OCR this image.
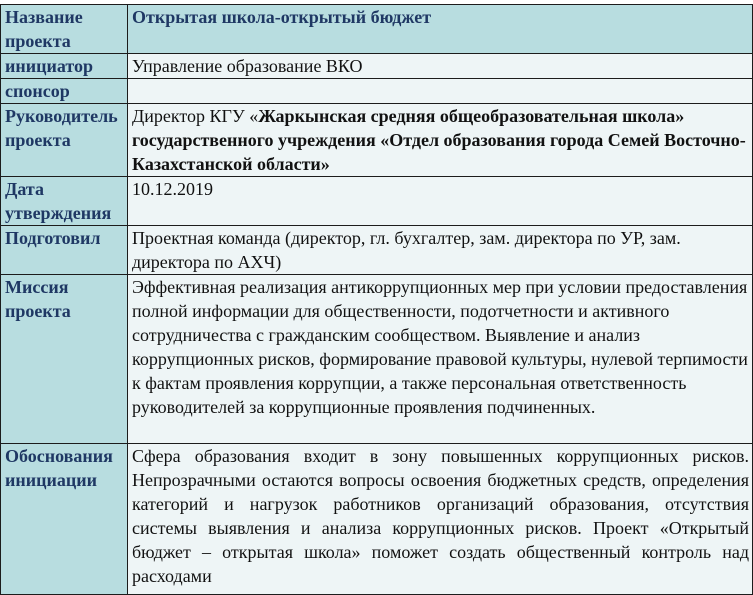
Название проекта	Открытая школа-открытый бюджет
инициатор	Управление образование ВКО
спонсор	
Руководитель проекта	Директор КГУ «Жаркынская средняя общеобразовательная школа» государственного учреждения «Отдел образования города Семей Восточно-Казахстанской области»
Дата утверждения	10.12.2019
Подготовил	Проектная команда (директор, гл. бухгалтер, зам. директора по УР, зам. директора по АХЧ)
Миссия проекта	Эффективная реализация антикоррупционных мер при условии предоставления полной информации для общественности, подотчетности и активного сотрудничества с гражданским сообществом. Выявление и анализ коррупционных рисков, формирование правовой культуры, нулевой терпимости к фактам проявления коррупции, а также персональная ответственность руководителей за коррупционные проявления подчиненных.
Обоснования инициации	Сфера образования входит в зону повышенных коррупционных рисков. Непрозрачными остаются вопросы освоения бюджетных средств, определения категорий и нагрузок работников организаций образования, отсутствия системы выявления и анализа коррупционных рисков. Проект «Открытый бюджет – открытая школа» поможет создать общественный контроль над расходами
